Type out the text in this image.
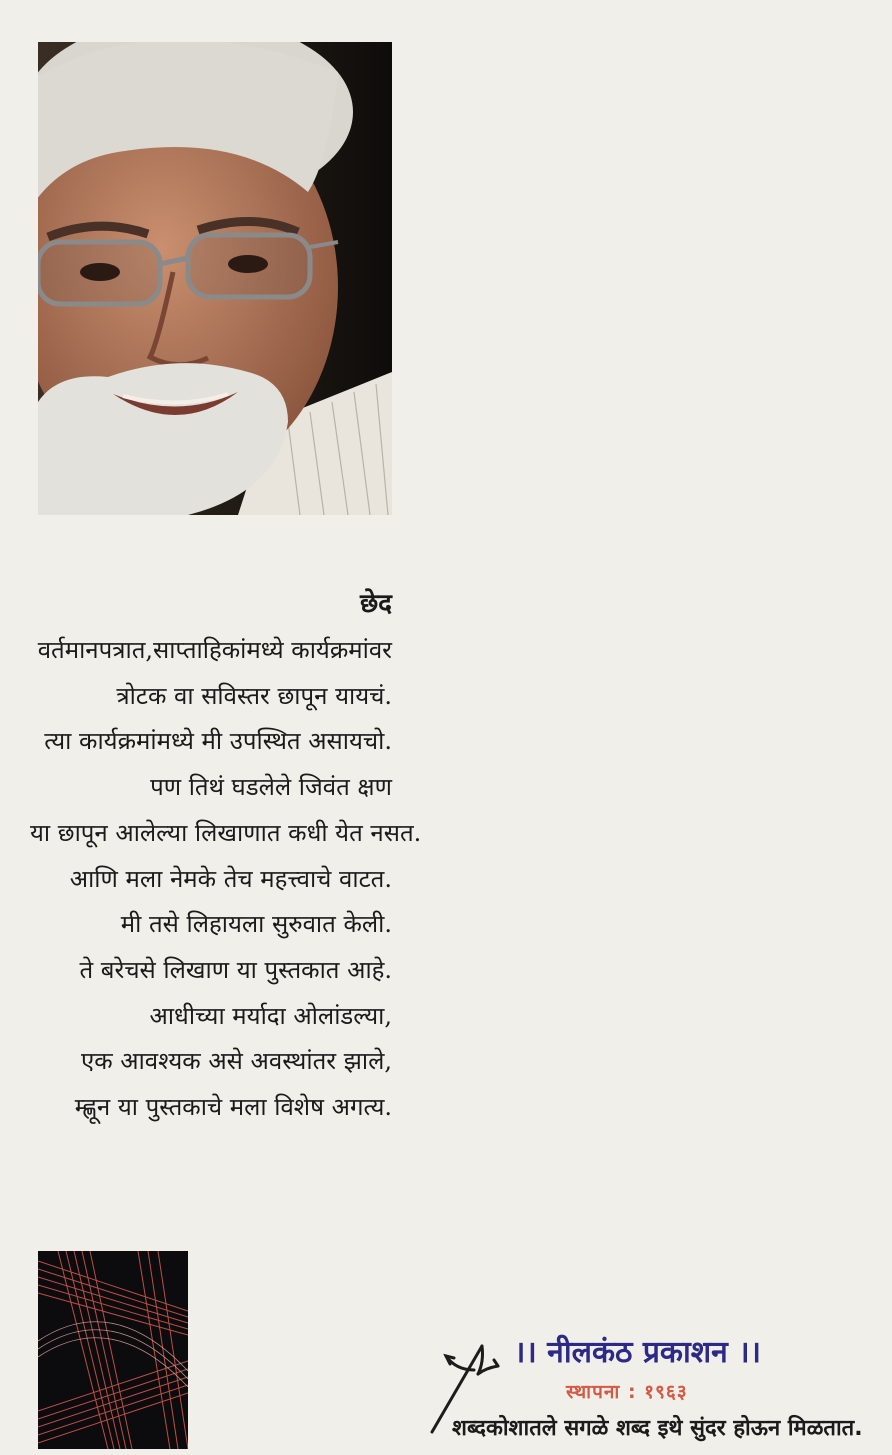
छेद
वर्तमानपत्रात,साप्ताहिकांमध्ये कार्यक्रमांवर
त्रोटक वा सविस्तर छापून यायचं.
त्या कार्यक्रमांमध्ये मी उपस्थित असायचो.
पण तिथं घडलेले जिवंत क्षण
या छापून आलेल्या लिखाणात कधी येत नसत.
आणि मला नेमके तेच महत्त्वाचे वाटत.
मी तसे लिहायला सुरुवात केली.
ते बरेचसे लिखाण या पुस्तकात आहे.
आधीच्या मर्यादा ओलांडल्या,
एक आवश्यक असे अवस्थांतर झाले,
म्ह्णून या पुस्तकाचे मला विशेष अगत्य.
।। नीलकंठ प्रकाशन ।।
स्थापना : १९६३
शब्दकोशातले सगळे शब्द इथे सुंदर होऊन मिळतात.
